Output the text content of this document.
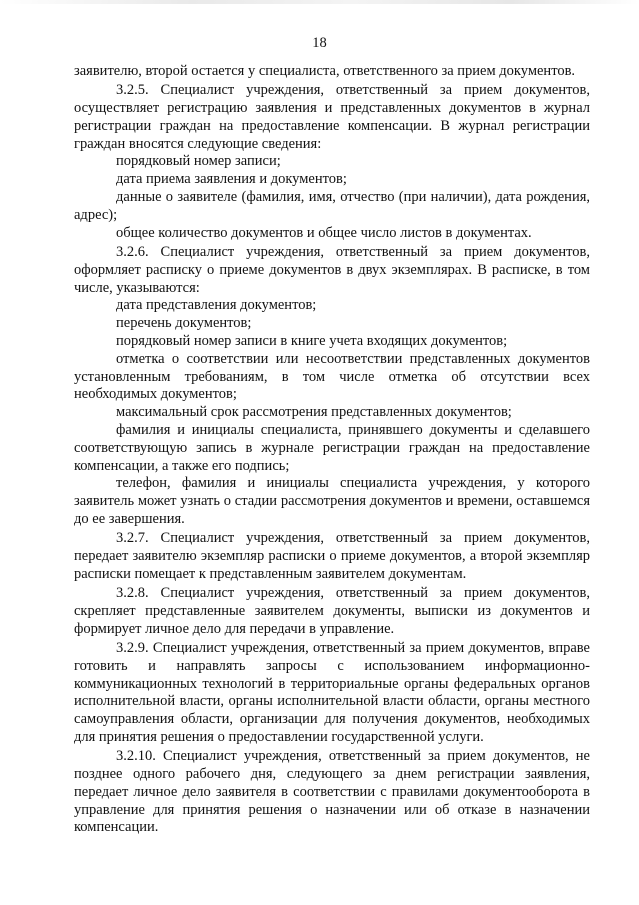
18

заявителю, второй остается у специалиста, ответственного за прием документов.

3.2.5. Специалист учреждения, ответственный за прием документов, осуществляет регистрацию заявления и представленных документов в журнал регистрации граждан на предоставление компенсации. В журнал регистрации граждан вносятся следующие сведения:

порядковый номер записи;

дата приема заявления и документов;

данные о заявителе (фамилия, имя, отчество (при наличии), дата рождения, адрес);

общее количество документов и общее число листов в документах.

3.2.6. Специалист учреждения, ответственный за прием документов, оформляет расписку о приеме документов в двух экземплярах. В расписке, в том числе, указываются:

дата представления документов;

перечень документов;

порядковый номер записи в книге учета входящих документов;

отметка о соответствии или несоответствии представленных документов установленным требованиям, в том числе отметка об отсутствии всех необходимых документов;

максимальный срок рассмотрения представленных документов;

фамилия и инициалы специалиста, принявшего документы и сделавшего соответствующую запись в журнале регистрации граждан на предоставление компенсации, а также его подпись;

телефон, фамилия и инициалы специалиста учреждения, у которого заявитель может узнать о стадии рассмотрения документов и времени, оставшемся до ее завершения.

3.2.7. Специалист учреждения, ответственный за прием документов, передает заявителю экземпляр расписки о приеме документов, а второй экземпляр расписки помещает к представленным заявителем документам.

3.2.8. Специалист учреждения, ответственный за прием документов, скрепляет представленные заявителем документы, выписки из документов и формирует личное дело для передачи в управление.

3.2.9. Специалист учреждения, ответственный за прием документов, вправе готовить и направлять запросы с использованием информационно-коммуникационных технологий в территориальные органы федеральных органов исполнительной власти, органы исполнительной власти области, органы местного самоуправления области, организации для получения документов, необходимых для принятия решения о предоставлении государственной услуги.

3.2.10. Специалист учреждения, ответственный за прием документов, не позднее одного рабочего дня, следующего за днем регистрации заявления, передает личное дело заявителя в соответствии с правилами документооборота в управление для принятия решения о назначении или об отказе в назначении компенсации.
